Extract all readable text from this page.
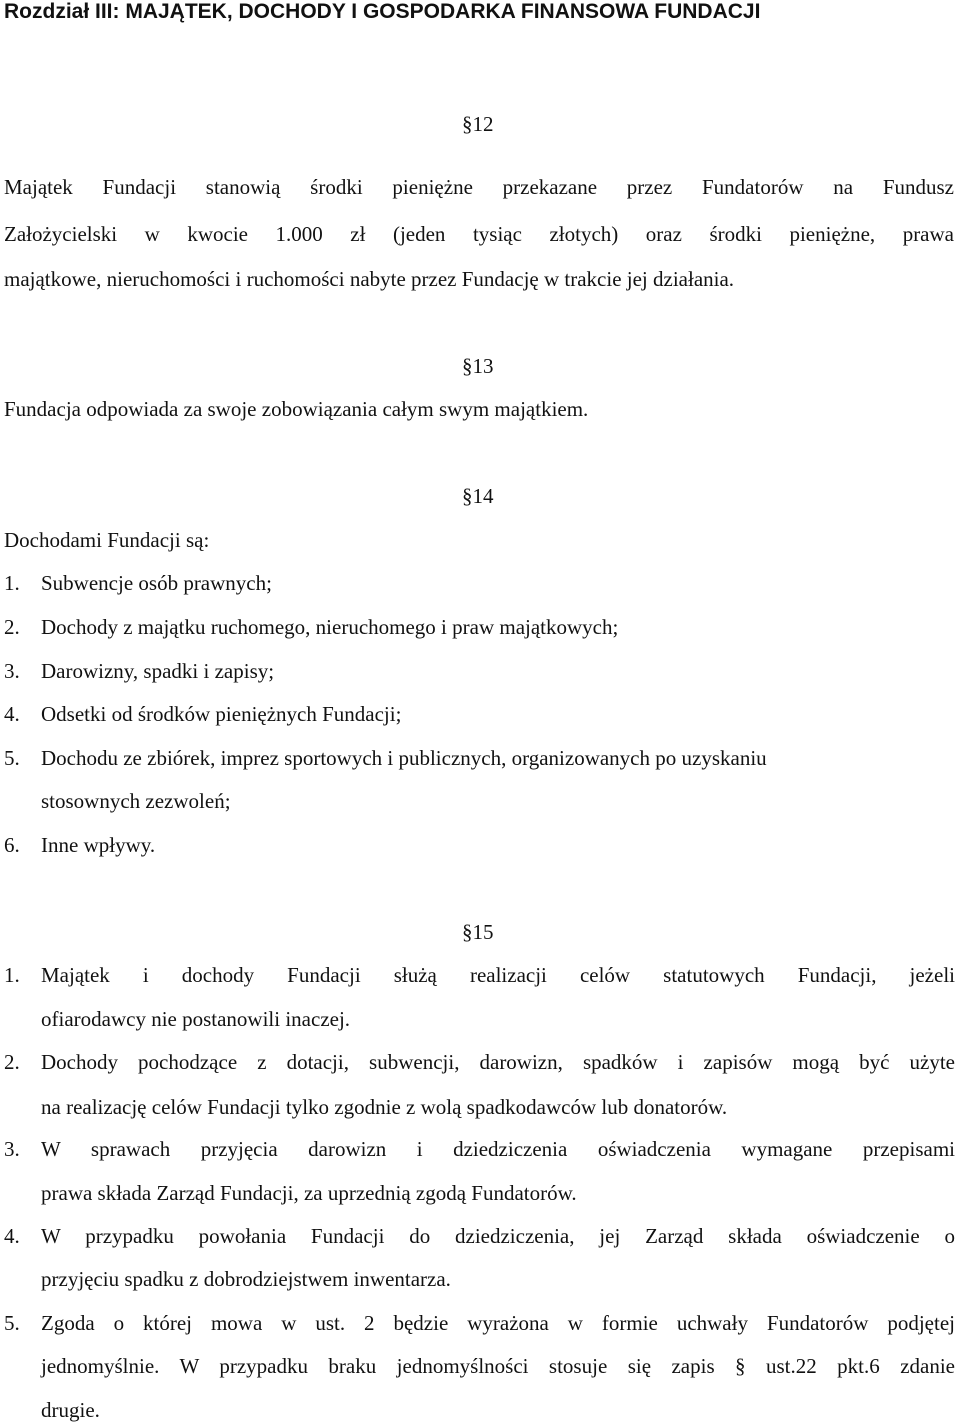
Rozdział III: MAJĄTEK, DOCHODY I GOSPODARKA FINANSOWA FUNDACJI
§12
Majątek Fundacji stanowią środki pieniężne przekazane przez Fundatorów na Fundusz
Założycielski w kwocie 1.000 zł (jeden tysiąc złotych) oraz środki pieniężne, prawa
majątkowe, nieruchomości i ruchomości nabyte przez Fundację w trakcie jej działania.
§13
Fundacja odpowiada za swoje zobowiązania całym swym majątkiem.
§14
Dochodami Fundacji są:
1. Subwencje osób prawnych;
2. Dochody z majątku ruchomego, nieruchomego i praw majątkowych;
3. Darowizny, spadki i zapisy;
4. Odsetki od środków pieniężnych Fundacji;
5. Dochodu ze zbiórek, imprez sportowych i publicznych, organizowanych po uzyskaniu
stosownych zezwoleń;
6. Inne wpływy.
§15
1. Majątek i dochody Fundacji służą realizacji celów statutowych Fundacji, jeżeli
ofiarodawcy nie postanowili inaczej.
2. Dochody pochodzące z dotacji, subwencji, darowizn, spadków i zapisów mogą być użyte
na realizację celów Fundacji tylko zgodnie z wolą spadkodawców lub donatorów.
3. W sprawach przyjęcia darowizn i dziedziczenia oświadczenia wymagane przepisami
prawa składa Zarząd Fundacji, za uprzednią zgodą Fundatorów.
4. W przypadku powołania Fundacji do dziedziczenia, jej Zarząd składa oświadczenie o
przyjęciu spadku z dobrodziejstwem inwentarza.
5. Zgoda o której mowa w ust. 2 będzie wyrażona w formie uchwały Fundatorów podjętej
jednomyślnie. W przypadku braku jednomyślności stosuje się zapis § ust.22 pkt.6 zdanie
drugie.
